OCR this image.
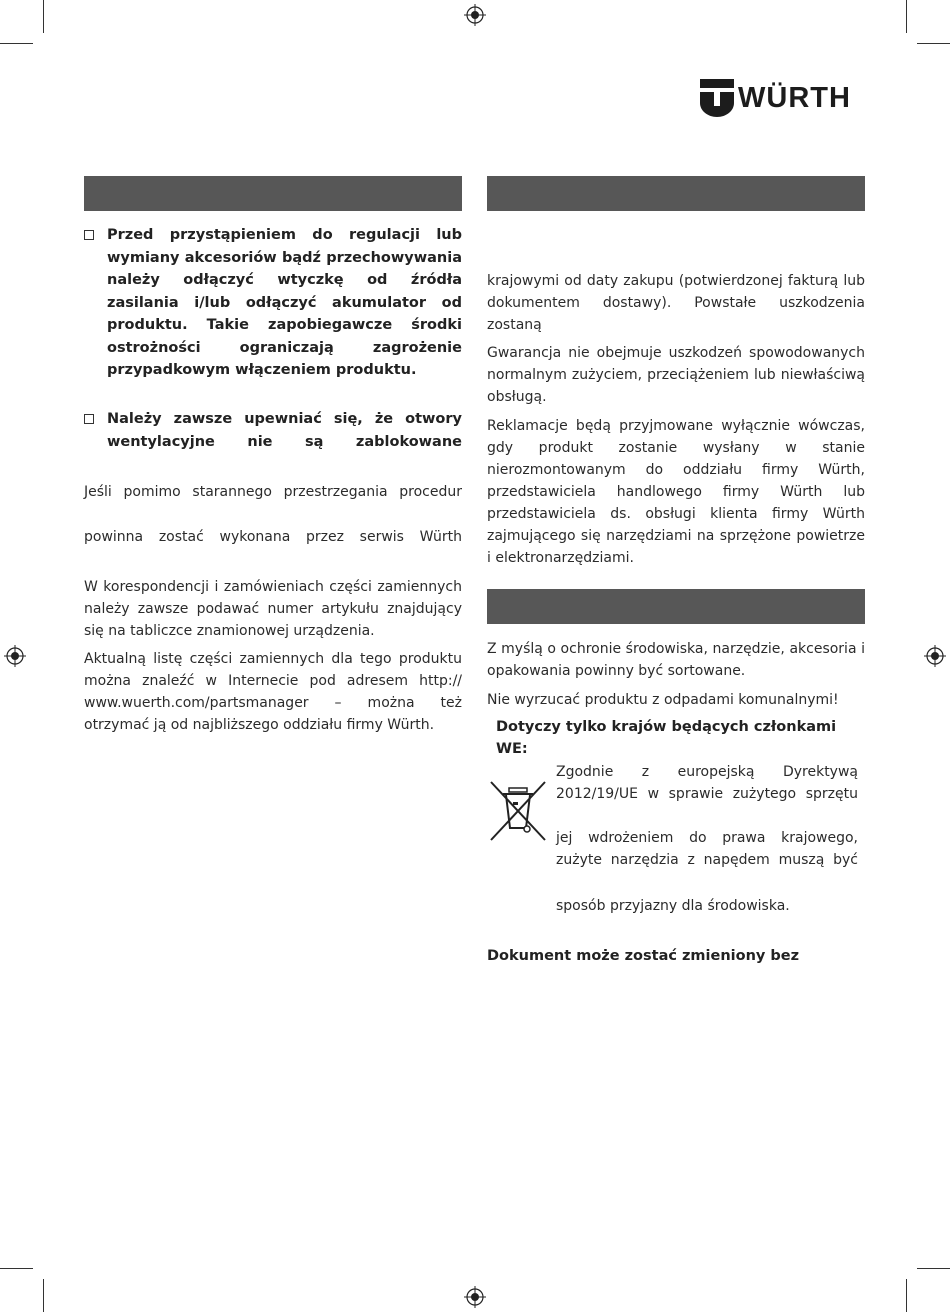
WÜRTH

Przed przystąpieniem do regulacji lub wymiany akcesoriów bądź przechowywania należy odłączyć wtyczkę od źródła zasilania i/lub odłączyć akumulator od produktu. Takie zapobiegawcze środki ostrożności ograniczają zagrożenie przypadkowym włączeniem produktu.

Należy zawsze upewniać się, że otwory wentylacyjne nie są zablokowane

Jeśli pomimo starannego przestrzegania procedur

powinna zostać wykonana przez serwis Würth

W korespondencji i zamówieniach części zamiennych należy zawsze podawać numer artykułu znajdujący się na tabliczce znamionowej urządzenia.

Aktualną listę części zamiennych dla tego produktu można znaleźć w Internecie pod adresem http:// www.wuerth.com/partsmanager – można też otrzymać ją od najbliższego oddziału firmy Würth.

krajowymi od daty zakupu (potwierdzonej fakturą lub dokumentem dostawy). Powstałe uszkodzenia zostaną

Gwarancja nie obejmuje uszkodzeń spowodowanych normalnym zużyciem, przeciążeniem lub niewłaściwą obsługą.

Reklamacje będą przyjmowane wyłącznie wówczas, gdy produkt zostanie wysłany w stanie nierozmontowanym do oddziału firmy Würth, przedstawiciela handlowego firmy Würth lub przedstawiciela ds. obsługi klienta firmy Würth zajmującego się narzędziami na sprzężone powietrze i elektronarzędziami.

Z myślą o ochronie środowiska, narzędzie, akcesoria i opakowania powinny być sortowane.

Nie wyrzucać produktu z odpadami komunalnymi!

Dotyczy tylko krajów będących członkami WE:

Zgodnie z europejską Dyrektywą 2012/19/UE w sprawie zużytego sprzętu

jej wdrożeniem do prawa krajowego, zużyte narzędzia z napędem muszą być

sposób przyjazny dla środowiska.

Dokument może zostać zmieniony bez
